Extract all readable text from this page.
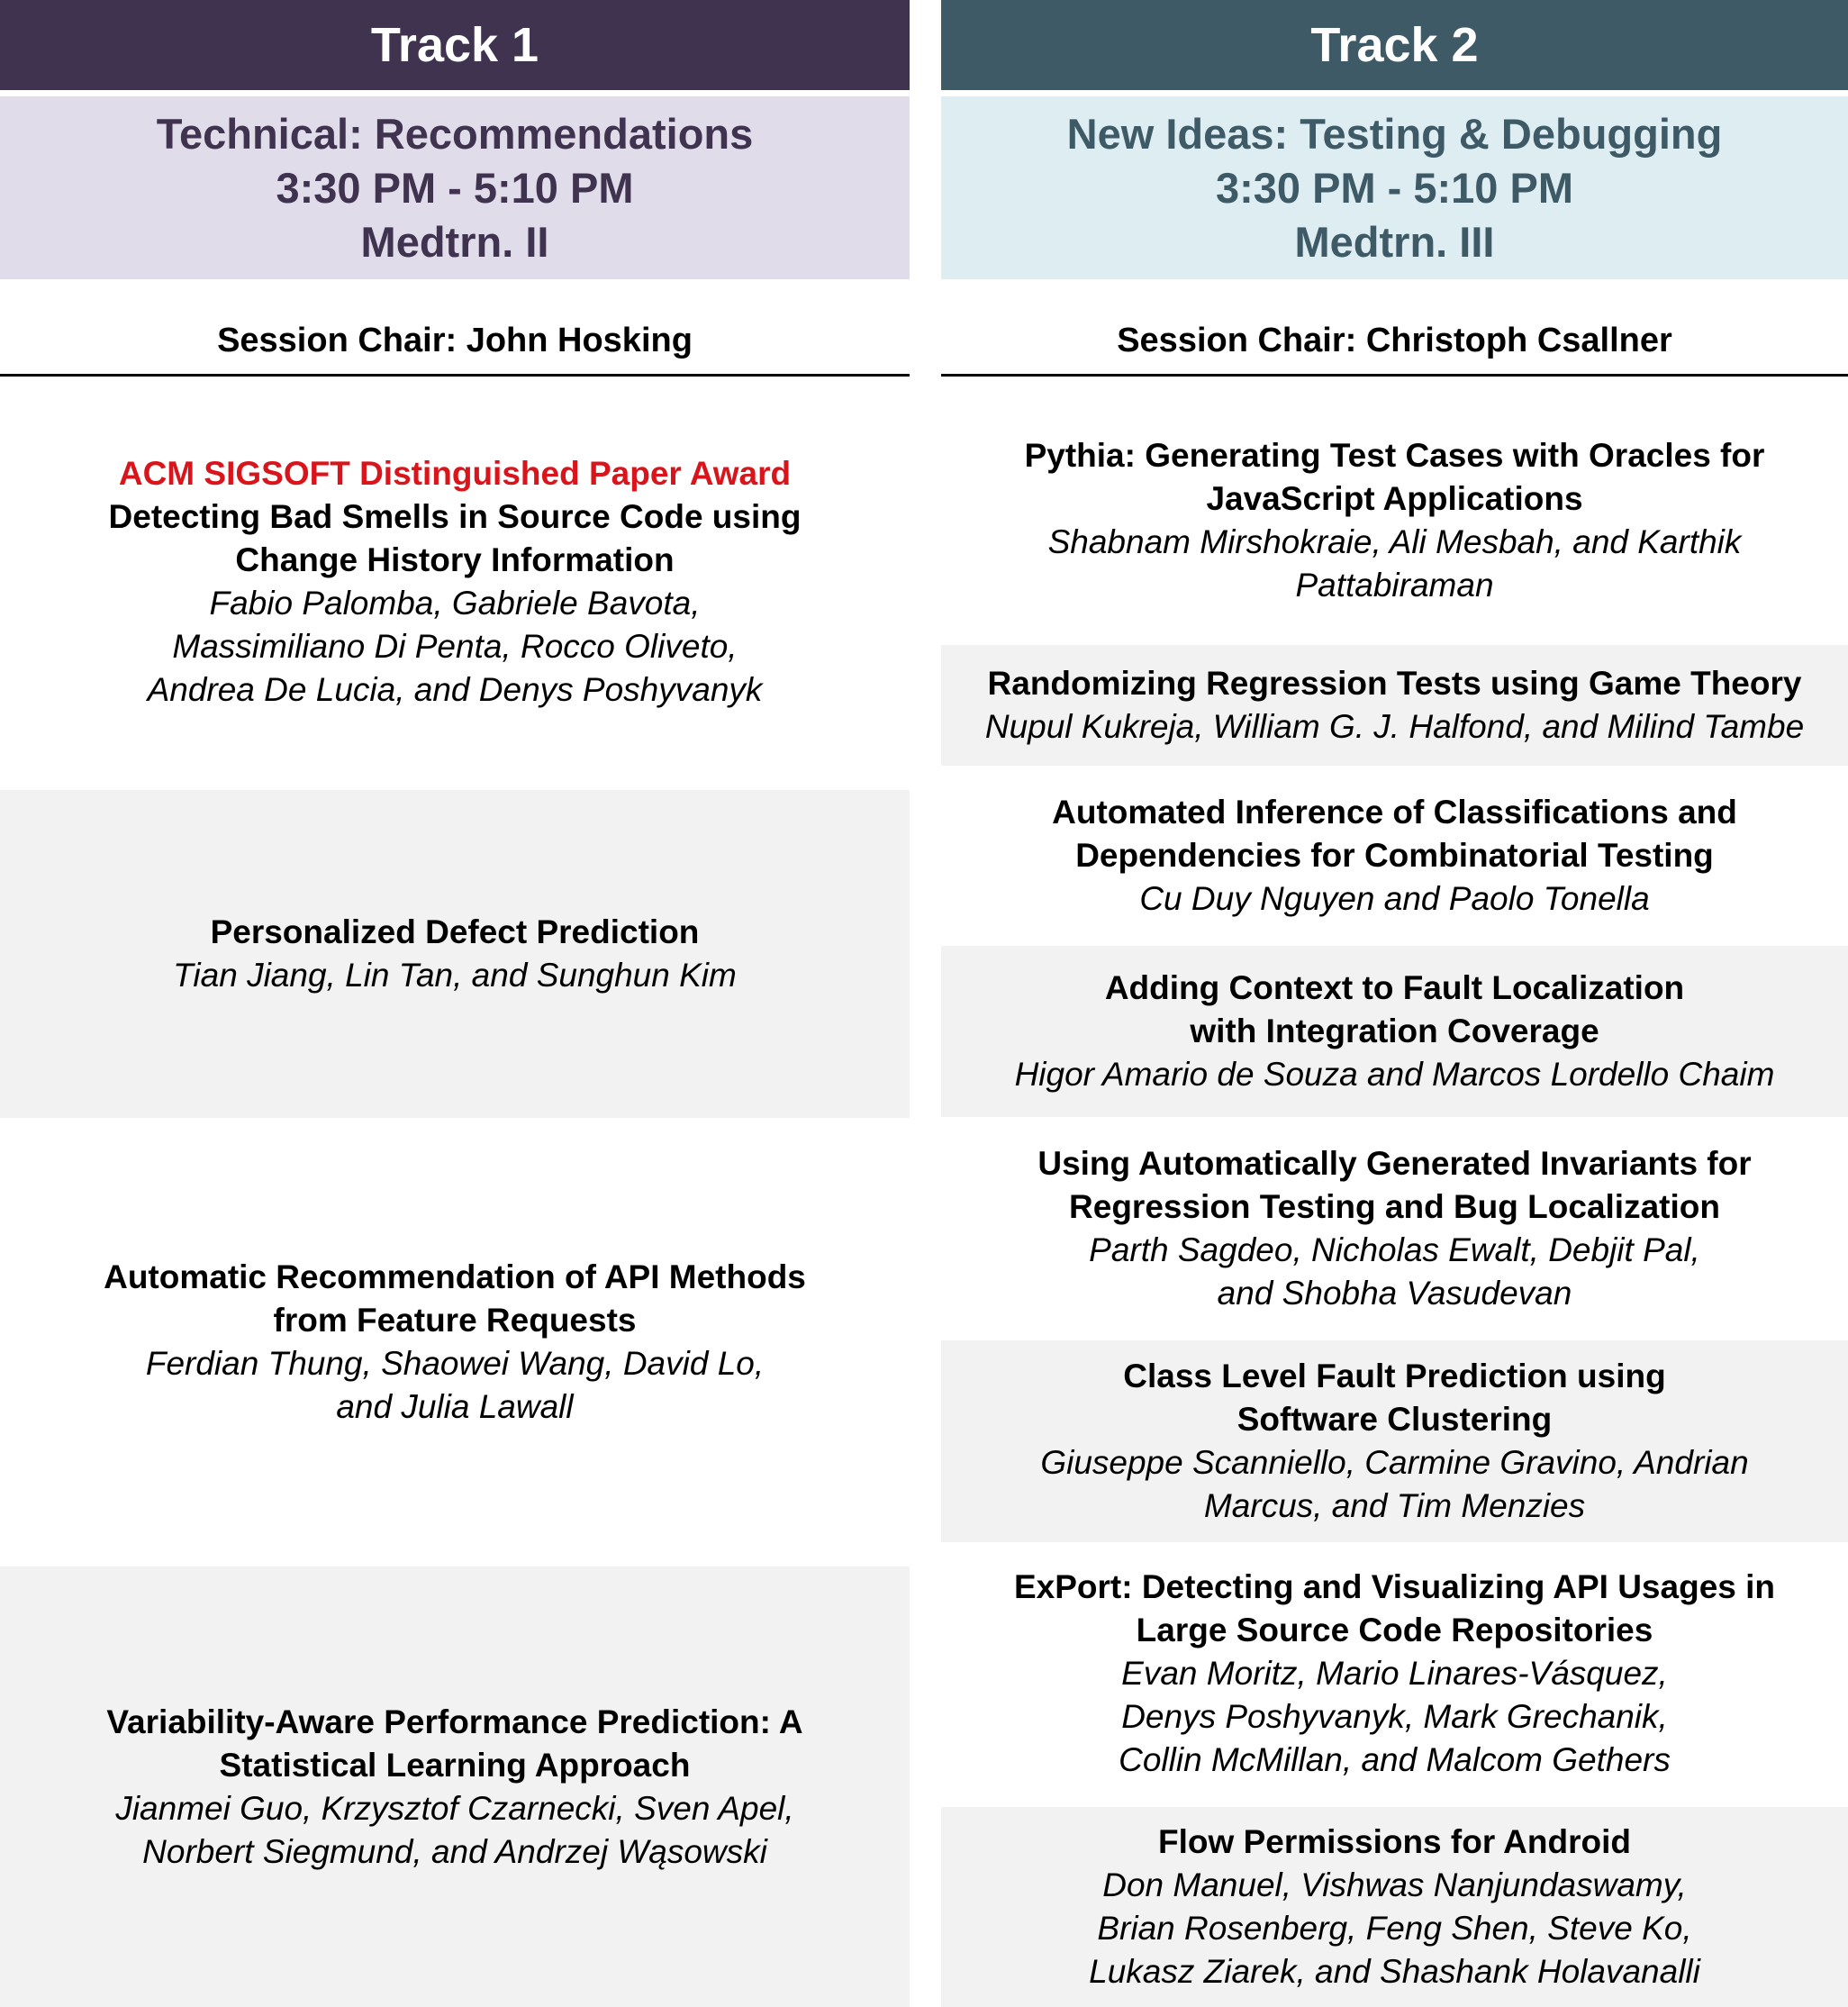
Track 1
Technical: Recommendations
3:30 PM - 5:10 PM
Medtrn. II
Session Chair: John Hosking
ACM SIGSOFT Distinguished Paper Award
Detecting Bad Smells in Source Code using
Change History Information
Fabio Palomba, Gabriele Bavota,
Massimiliano Di Penta, Rocco Oliveto,
Andrea De Lucia, and Denys Poshyvanyk
Personalized Defect Prediction
Tian Jiang, Lin Tan, and Sunghun Kim
Automatic Recommendation of API Methods
from Feature Requests
Ferdian Thung, Shaowei Wang, David Lo,
and Julia Lawall
Variability-Aware Performance Prediction: A
Statistical Learning Approach
Jianmei Guo, Krzysztof Czarnecki, Sven Apel,
Norbert Siegmund, and Andrzej Wąsowski
Track 2
New Ideas: Testing & Debugging
3:30 PM - 5:10 PM
Medtrn. III
Session Chair: Christoph Csallner
Pythia: Generating Test Cases with Oracles for
JavaScript Applications
Shabnam Mirshokraie, Ali Mesbah, and Karthik
Pattabiraman
Randomizing Regression Tests using Game Theory
Nupul Kukreja, William G. J. Halfond, and Milind Tambe
Automated Inference of Classifications and
Dependencies for Combinatorial Testing
Cu Duy Nguyen and Paolo Tonella
Adding Context to Fault Localization
with Integration Coverage
Higor Amario de Souza and Marcos Lordello Chaim
Using Automatically Generated Invariants for
Regression Testing and Bug Localization
Parth Sagdeo, Nicholas Ewalt, Debjit Pal,
and Shobha Vasudevan
Class Level Fault Prediction using
Software Clustering
Giuseppe Scanniello, Carmine Gravino, Andrian
Marcus, and Tim Menzies
ExPort: Detecting and Visualizing API Usages in
Large Source Code Repositories
Evan Moritz, Mario Linares-Vásquez,
Denys Poshyvanyk, Mark Grechanik,
Collin McMillan, and Malcom Gethers
Flow Permissions for Android
Don Manuel, Vishwas Nanjundaswamy,
Brian Rosenberg, Feng Shen, Steve Ko,
Lukasz Ziarek, and Shashank Holavanalli
